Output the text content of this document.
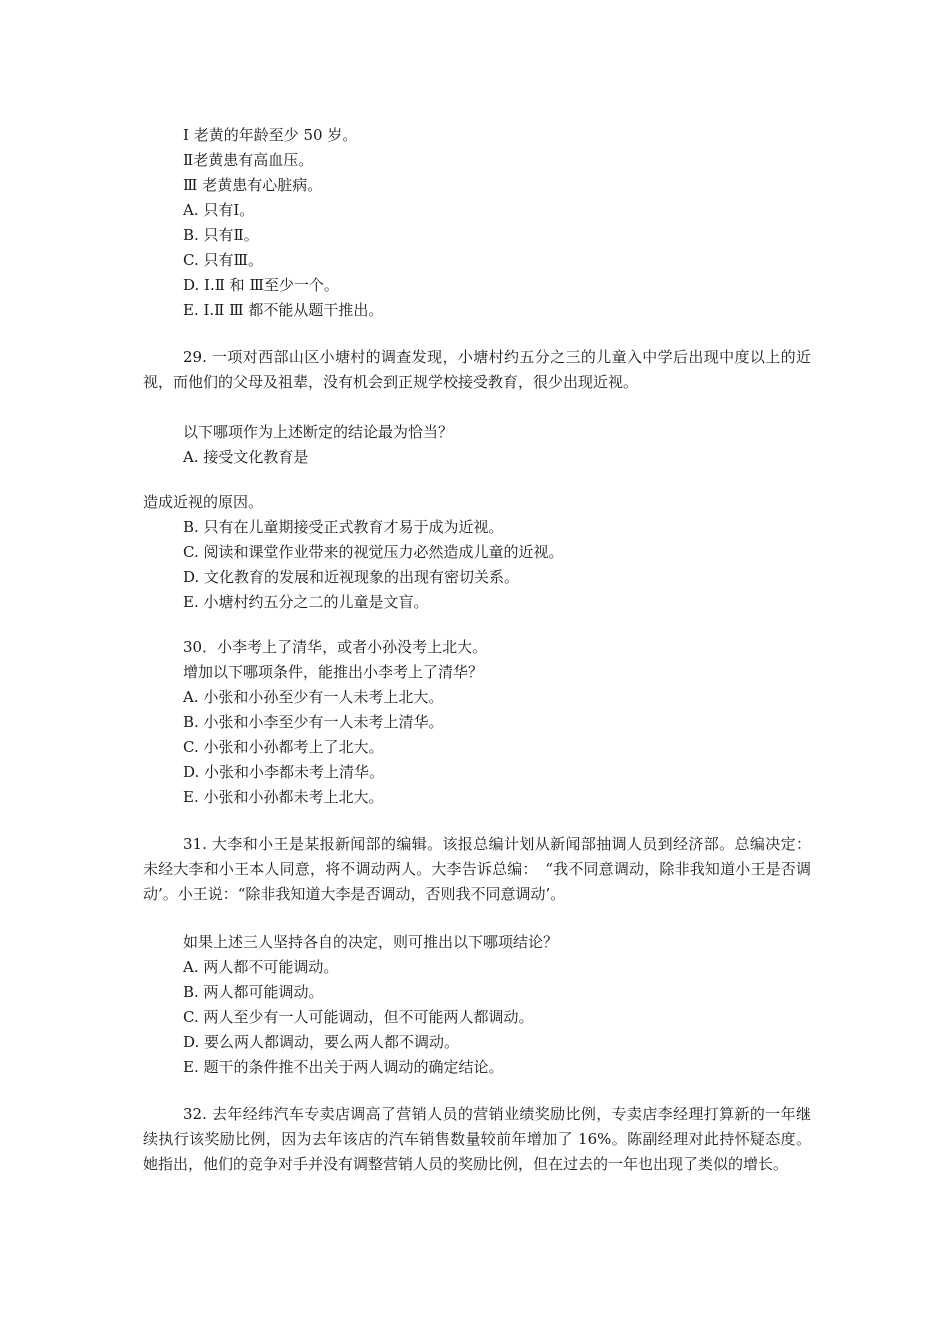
Ⅰ 老黄的年龄至少 50 岁。
Ⅱ老黄患有高血压。
Ⅲ 老黄患有心脏病。
A. 只有Ⅰ。
B. 只有Ⅱ。
C. 只有Ⅲ。
D. Ⅰ.Ⅱ 和 Ⅲ至少一个。
E. Ⅰ.Ⅱ Ⅲ 都不能从题干推出。

29. 一项对西部山区小塘村的调查发现，小塘村约五分之三的儿童入中学后出现中度以上的近视，而他们的父母及祖辈，没有机会到正规学校接受教育，很少出现近视。

以下哪项作为上述断定的结论最为恰当？
A. 接受文化教育是
造成近视的原因。
B. 只有在儿童期接受正式教育才易于成为近视。
C. 阅读和课堂作业带来的视觉压力必然造成儿童的近视。
D. 文化教育的发展和近视现象的出现有密切关系。
E. 小塘村约五分之二的儿童是文盲。
30．小李考上了清华，或者小孙没考上北大。
增加以下哪项条件，能推出小李考上了清华？
A. 小张和小孙至少有一人未考上北大。
B. 小张和小李至少有一人未考上清华。
C. 小张和小孙都考上了北大。
D. 小张和小李都未考上清华。
E. 小张和小孙都未考上北大。

31. 大李和小王是某报新闻部的编辑。该报总编计划从新闻部抽调人员到经济部。总编决定：未经大李和小王本人同意，将不调动两人。大李告诉总编：　“我不同意调动，除非我知道小王是否调动’。小王说：“除非我知道大李是否调动，否则我不同意调动’。

如果上述三人坚持各自的决定，则可推出以下哪项结论？
A. 两人都不可能调动。
B. 两人都可能调动。
C. 两人至少有一人可能调动，但不可能两人都调动。
D. 要么两人都调动，要么两人都不调动。
E. 题干的条件推不出关于两人调动的确定结论。

32. 去年经纬汽车专卖店调高了营销人员的营销业绩奖励比例，专卖店李经理打算新的一年继续执行该奖励比例，因为去年该店的汽车销售数量较前年增加了 16%。陈副经理对此持怀疑态度。她指出，他们的竞争对手并没有调整营销人员的奖励比例，但在过去的一年也出现了类似的增长。
